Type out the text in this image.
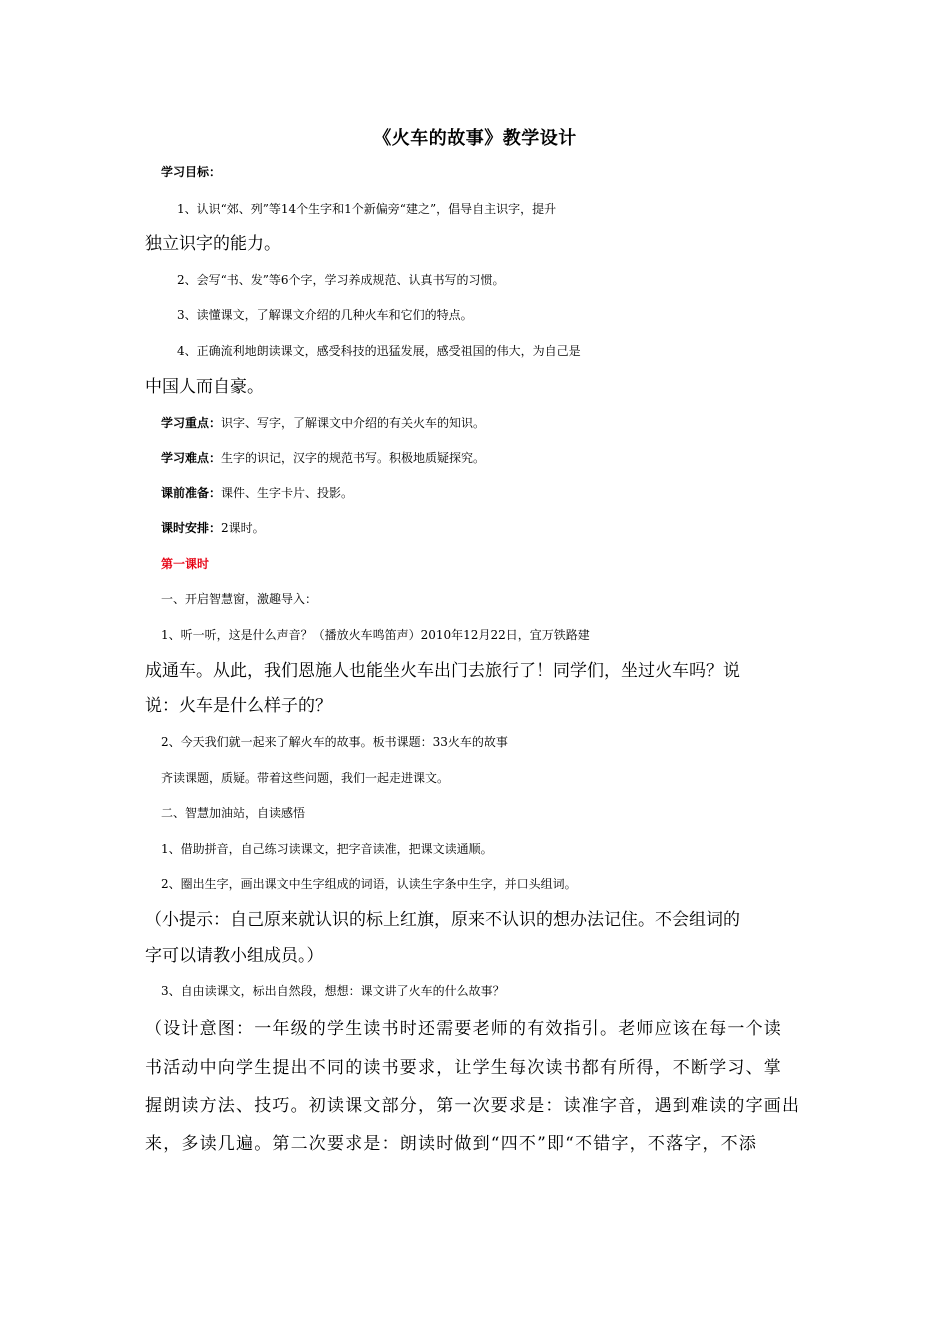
《火车的故事》教学设计
学习目标：
1、认识“郊、列”等14个生字和1个新偏旁“建之”，倡导自主识字，提升
独立识字的能力。
2、会写“书、发”等6个字，学习养成规范、认真书写的习惯。
3、读懂课文，了解课文介绍的几种火车和它们的特点。
4、正确流利地朗读课文，感受科技的迅猛发展，感受祖国的伟大，为自己是
中国人而自豪。
学习重点：识字、写字，了解课文中介绍的有关火车的知识。
学习难点：生字的识记，汉字的规范书写。积极地质疑探究。
课前准备：课件、生字卡片、投影。
课时安排：2课时。
第一课时
一、开启智慧窗，激趣导入：
1、听一听，这是什么声音？（播放火车鸣笛声）2010年12月22日，宜万铁路建
成通车。从此，我们恩施人也能坐火车出门去旅行了！同学们，坐过火车吗？说
说：火车是什么样子的？
2、今天我们就一起来了解火车的故事。板书课题：33火车的故事
齐读课题，质疑。带着这些问题，我们一起走进课文。
二、智慧加油站，自读感悟
1、借助拼音，自己练习读课文，把字音读准，把课文读通顺。
2、圈出生字，画出课文中生字组成的词语，认读生字条中生字，并口头组词。
（小提示：自己原来就认识的标上红旗，原来不认识的想办法记住。不会组词的
字可以请教小组成员。）
3、自由读课文，标出自然段，想想：课文讲了火车的什么故事？
（设计意图：一年级的学生读书时还需要老师的有效指引。老师应该在每一个读
书活动中向学生提出不同的读书要求，让学生每次读书都有所得，不断学习、掌
握朗读方法、技巧。初读课文部分，第一次要求是：读准字音，遇到难读的字画出
来，多读几遍。第二次要求是：朗读时做到“四不”即“不错字，不落字，不添
